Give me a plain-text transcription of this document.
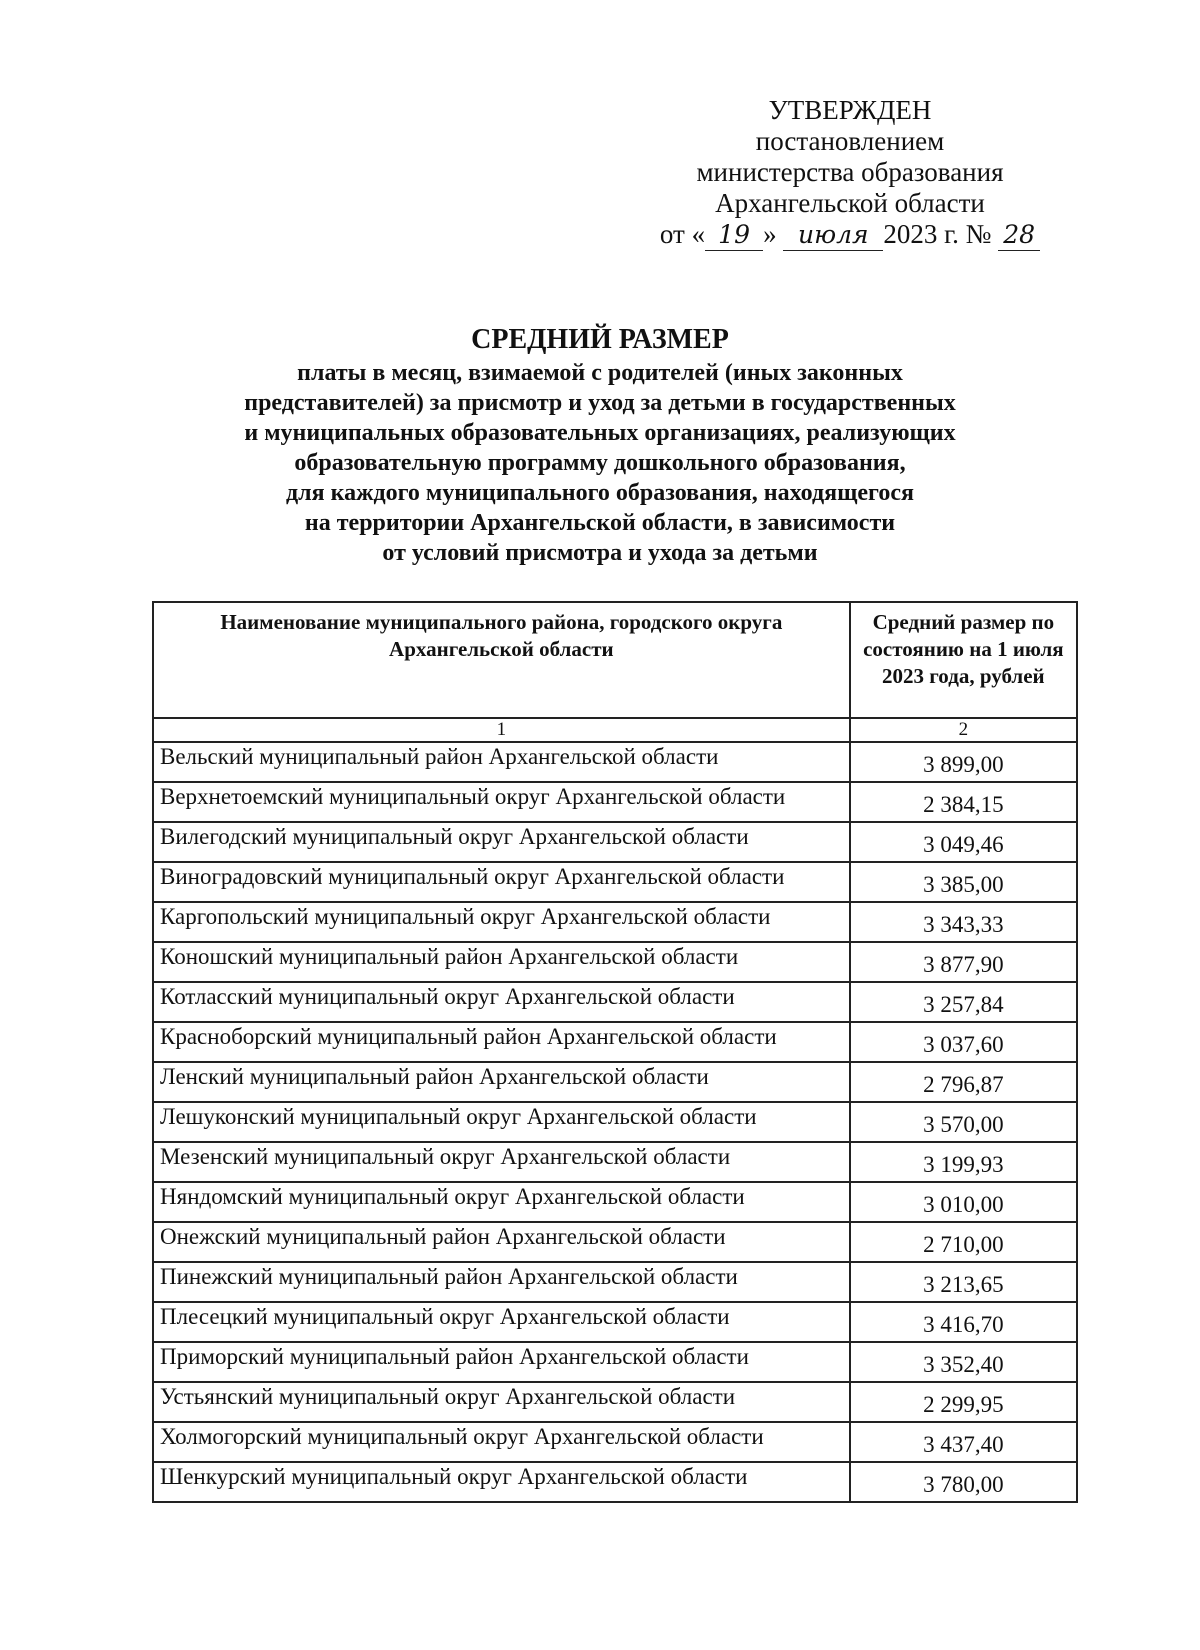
УТВЕРЖДЕН
постановлением
министерства образования
Архангельской области
от « 19 » июля 2023 г. № 28
СРЕДНИЙ РАЗМЕР
платы в месяц, взимаемой с родителей (иных законных
представителей) за присмотр и уход за детьми в государственных
и муниципальных образовательных организациях, реализующих
образовательную программу дошкольного образования,
для каждого муниципального образования, находящегося
на территории Архангельской области, в зависимости
от условий присмотра и ухода за детьми
Наименование муниципального района, городского округа Архангельской области	Средний размер по состоянию на 1 июля 2023 года, рублей
1	2
Вельский муниципальный район Архангельской области	3 899,00
Верхнетоемский муниципальный округ Архангельской области	2 384,15
Вилегодский муниципальный округ Архангельской области	3 049,46
Виноградовский муниципальный округ Архангельской области	3 385,00
Каргопольский муниципальный округ Архангельской области	3 343,33
Коношский муниципальный район Архангельской области	3 877,90
Котласский муниципальный округ Архангельской области	3 257,84
Красноборский муниципальный район Архангельской области	3 037,60
Ленский муниципальный район Архангельской области	2 796,87
Лешуконский муниципальный округ Архангельской области	3 570,00
Мезенский муниципальный округ Архангельской области	3 199,93
Няндомский муниципальный округ Архангельской области	3 010,00
Онежский муниципальный район Архангельской области	2 710,00
Пинежский муниципальный район Архангельской области	3 213,65
Плесецкий муниципальный округ Архангельской области	3 416,70
Приморский муниципальный район Архангельской области	3 352,40
Устьянский муниципальный округ Архангельской области	2 299,95
Холмогорский муниципальный округ Архангельской области	3 437,40
Шенкурский муниципальный округ Архангельской области	3 780,00
